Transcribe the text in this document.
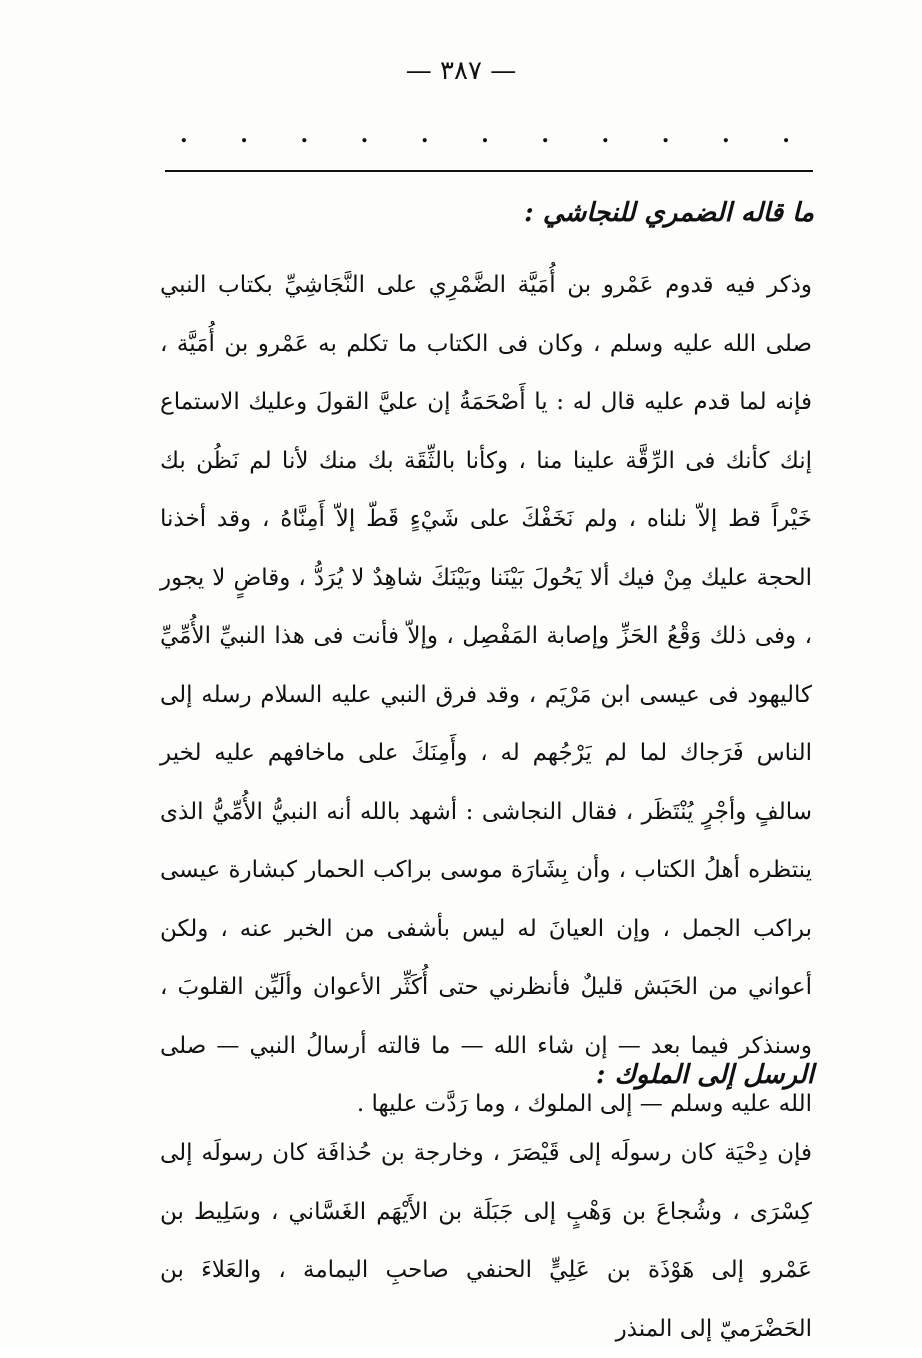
— ٣٨٧ —
. . . . . . . . . . .
ما قاله الضمري للنجاشي :
وذكر فيه قدوم عَمْرو بن أُمَيَّة الضَّمْرِي على النَّجَاشِيِّ بكتاب النبي صلى الله عليه وسلم ، وكان فى الكتاب ما تكلم به عَمْرو بن أُمَيَّة ، فإنه لما قدم عليه قال له : يا أَصْحَمَةُ إن عليَّ القولَ وعليك الاستماع إنك كأنك فى الرِّقَّة علينا منا ، وكأنا بالثِّقَة بك منك لأنا لم نَظُن بك خَيْراً قط إلاّ نلناه ، ولم نَخَفْكَ على شَيْءٍ قَطّ إلاّ أَمِنَّاهُ ، وقد أخذنا الحجة عليك مِنْ فيك ألا يَحُولَ بَيْنَنا وبَيْنَكَ شاهِدٌ لا يُرَدُّ ، وقاضٍ لا يجور ، وفى ذلك وَقْعُ الحَزِّ وإصابة المَفْصِل ، وإلاّ فأنت فى هذا النبيِّ الأُمِّيِّ كاليهود فى عيسى ابن مَرْيَم ، وقد فرق النبي عليه السلام رسله إلى الناس فَرَجاك لما لم يَرْجُهم له ، وأَمِنَكَ على ماخافهم عليه لخير سالفٍ وأجْرٍ يُنْتَظَر ، فقال النجاشى : أشهد بالله أنه النبيُّ الأُمِّيُّ الذى ينتظره أهلُ الكتاب ، وأن بِشَارَة موسى براكب الحمار كبشارة عيسى براكب الجمل ، وإن العيانَ له ليس بأشفى من الخبر عنه ، ولكن أعواني من الحَبَش قليلٌ فأنظرني حتى أُكَثِّر الأعوان وألَيِّن القلوبَ ، وسنذكر فيما بعد — إن شاء الله — ما قالته أرسالُ النبي — صلى الله عليه وسلم — إلى الملوك ، وما رَدَّت عليها .
الرسل إلى الملوك :
فإن دِحْيَة كان رسولَه إلى قَيْصَرَ ، وخارجة بن حُذافَة كان رسولَه إلى كِسْرَى ، وشُجاعَ بن وَهْبٍ إلى جَبَلَة بن الأَيْهَم الغَسَّاني ، وسَلِيط بن عَمْرو إلى هَوْذَة بن عَلِيٍّ الحنفي صاحبِ اليمامة ، والعَلاءَ بن الحَضْرَميّ إلى المنذر
